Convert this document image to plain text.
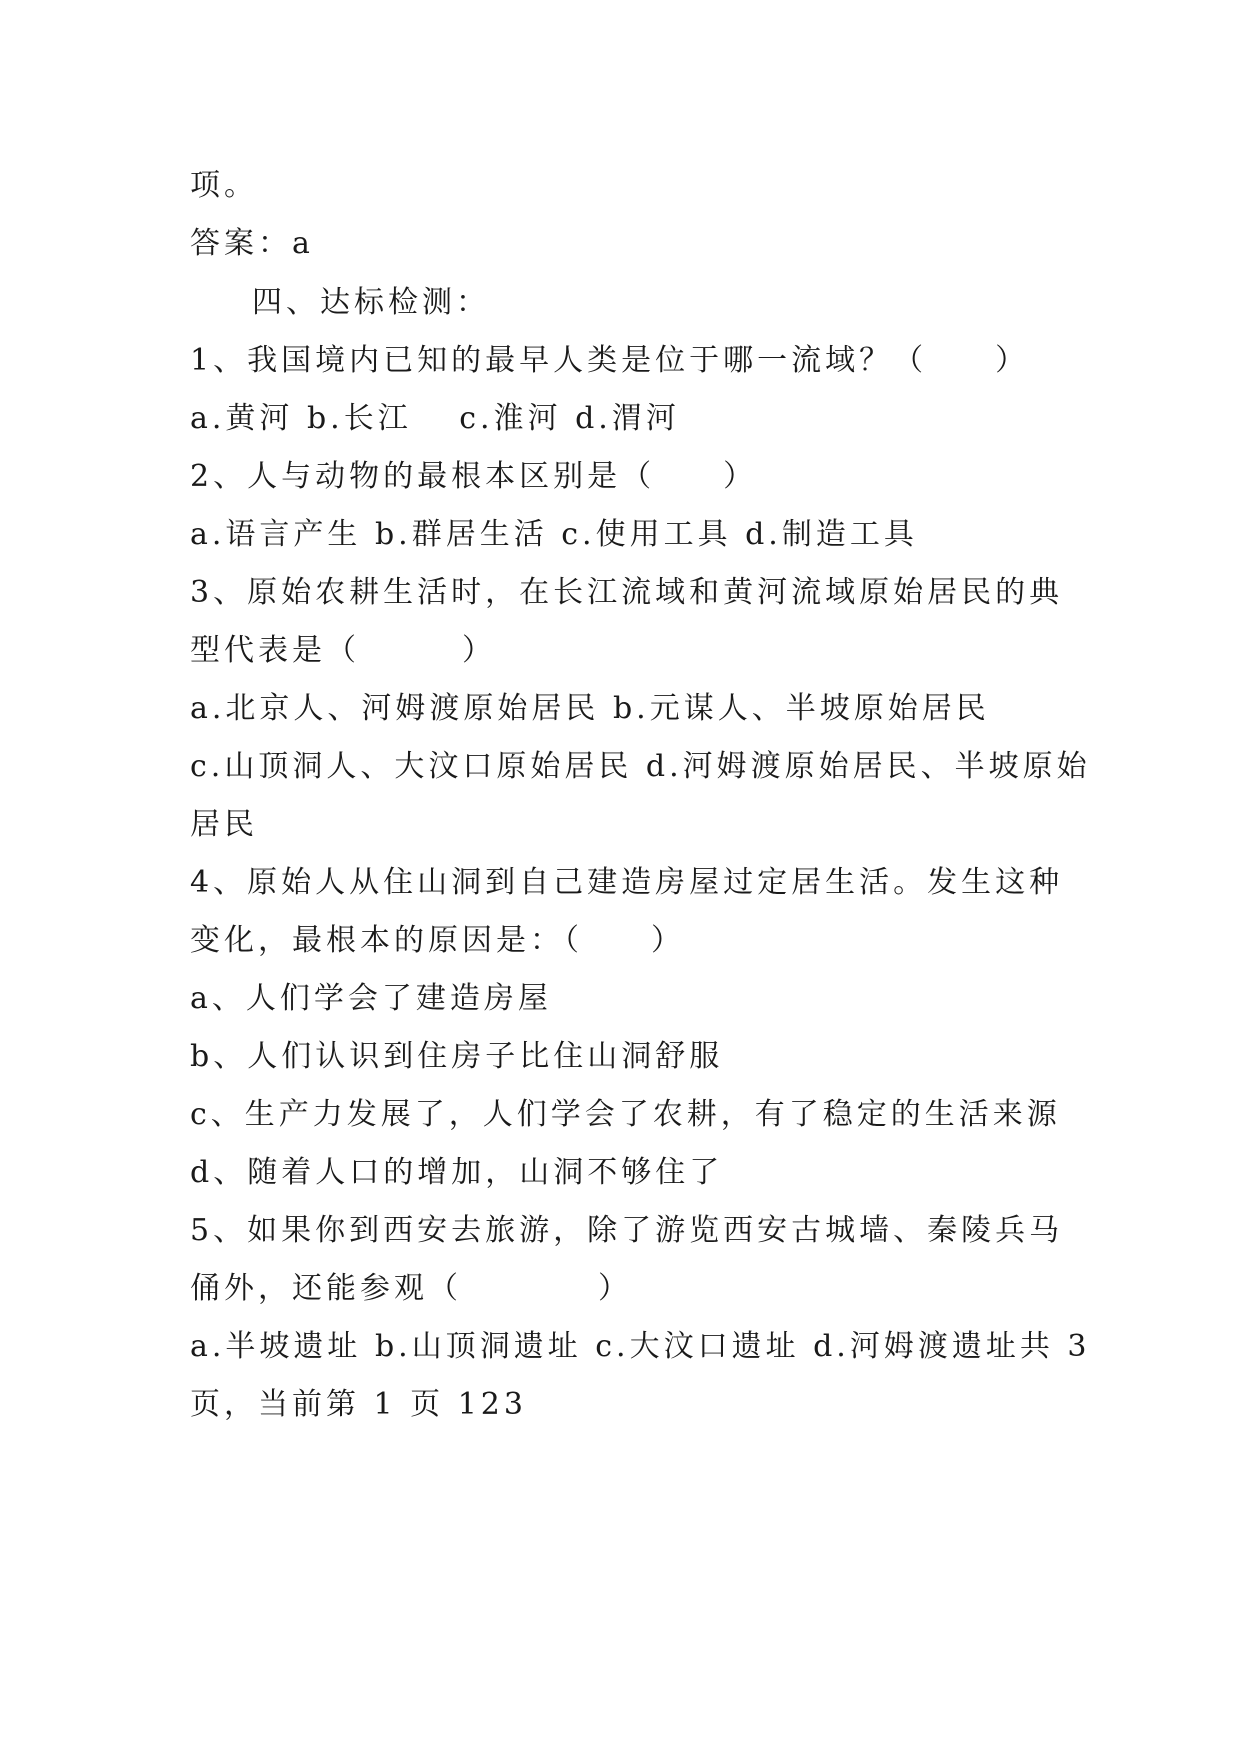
项。
答案：a
四、达标检测：
1、我国境内已知的最早人类是位于哪一流域？（　　）
a.黄河 b.长江　 c.淮河 d.渭河
2、人与动物的最根本区别是（　　）
a.语言产生 b.群居生活 c.使用工具 d.制造工具
3、原始农耕生活时，在长江流域和黄河流域原始居民的典
型代表是（　　　）
a.北京人、河姆渡原始居民 b.元谋人、半坡原始居民
c.山顶洞人、大汶口原始居民 d.河姆渡原始居民、半坡原始
居民
4、原始人从住山洞到自己建造房屋过定居生活。发生这种
变化，最根本的原因是：（　　）
a、人们学会了建造房屋
b、人们认识到住房子比住山洞舒服
c、生产力发展了，人们学会了农耕，有了稳定的生活来源
d、随着人口的增加，山洞不够住了
5、如果你到西安去旅游，除了游览西安古城墙、秦陵兵马
俑外，还能参观（　　　　）
a.半坡遗址 b.山顶洞遗址 c.大汶口遗址 d.河姆渡遗址共 3
页，当前第 1 页 123
